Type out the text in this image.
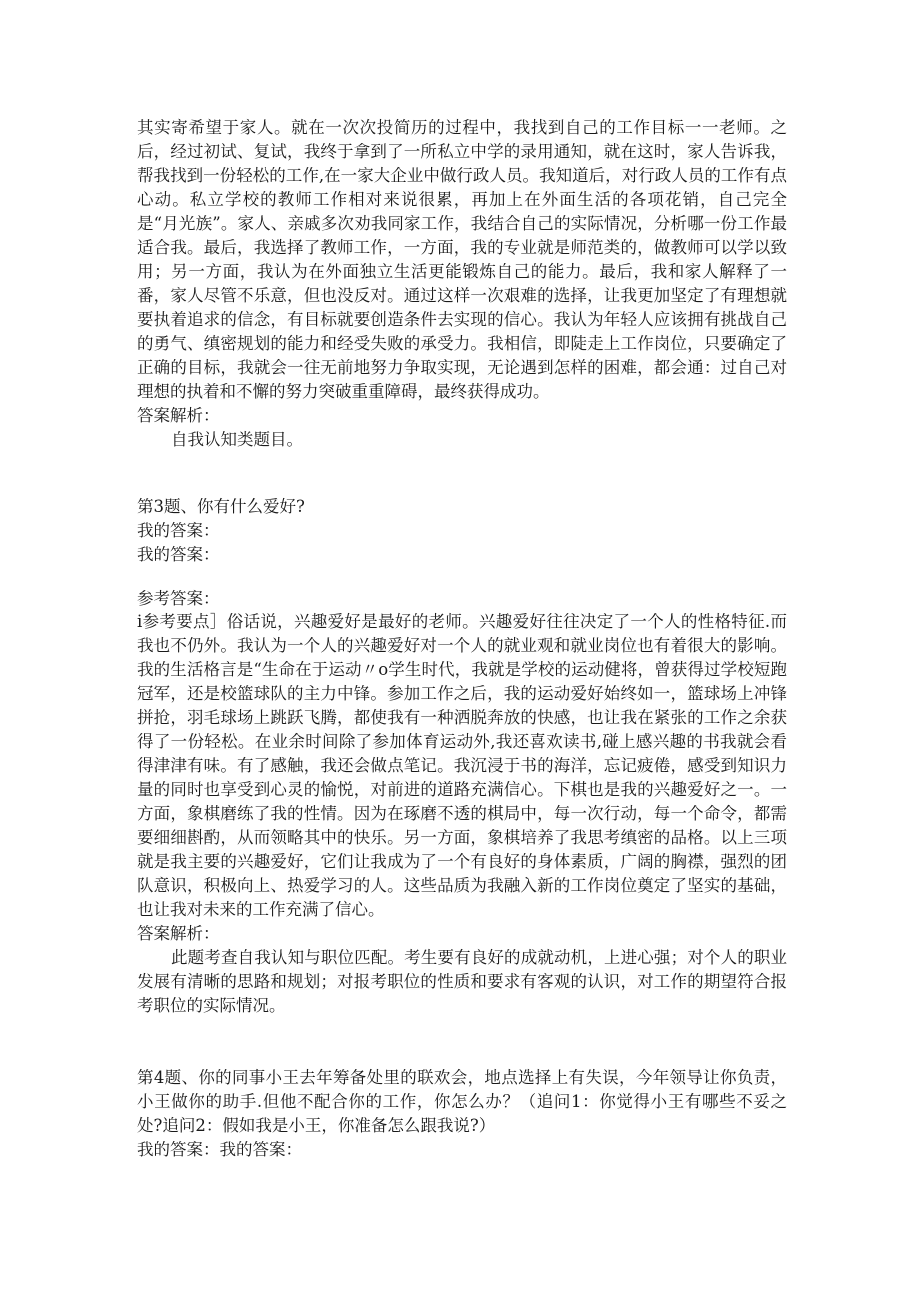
其实寄希望于家人。就在一次次投简历的过程中，我找到自己的工作目标一一老师。之后，经过初试、复试，我终于拿到了一所私立中学的录用通知，就在这时，家人告诉我，帮我找到一份轻松的工作,在一家大企业中做行政人员。我知道后，对行政人员的工作有点心动。私立学校的教师工作相对来说很累，再加上在外面生活的各项花销，自己完全是“月光族”。家人、亲戚多次劝我同家工作，我结合自己的实际情况，分析哪一份工作最适合我。最后，我选择了教师工作，一方面，我的专业就是师范类的，做教师可以学以致用；另一方面，我认为在外面独立生活更能锻炼自己的能力。最后，我和家人解释了一番，家人尽管不乐意，但也没反对。通过这样一次艰难的选择，让我更加坚定了有理想就要执着追求的信念，有目标就要创造条件去实现的信心。我认为年轻人应该拥有挑战自己的勇气、缜密规划的能力和经受失败的承受力。我相信，即陡走上工作岗位，只要确定了正确的目标，我就会一往无前地努力争取实现，无论遇到怎样的困难，都会通：过自己对理想的执着和不懈的努力突破重重障碍，最终获得成功。

答案解析：

自我认知类题目。

第3题、你有什么爱好?

我的答案：

我的答案：

参考答案：

i参考要点］俗话说，兴趣爱好是最好的老师。兴趣爱好往往决定了一个人的性格特征.而我也不仍外。我认为一个人的兴趣爱好对一个人的就业观和就业岗位也有着很大的影响。我的生活格言是“生命在于运动〃o学生时代，我就是学校的运动健将，曾获得过学校短跑冠军，还是校篮球队的主力中锋。参加工作之后，我的运动爱好始终如一，篮球场上冲锋拼抢，羽毛球场上跳跃飞腾，都使我有一种洒脱奔放的快感，也让我在紧张的工作之余获得了一份轻松。在业余时间除了参加体育运动外,我还喜欢读书,碰上感兴趣的书我就会看得津津有味。有了感触，我还会做点笔记。我沉浸于书的海洋，忘记疲倦，感受到知识力量的同时也享受到心灵的愉悦，对前进的道路充满信心。下棋也是我的兴趣爱好之一。一方面，象棋磨练了我的性情。因为在琢磨不透的棋局中，每一次行动，每一个命令，都需要细细斟酌，从而领略其中的快乐。另一方面，象棋培养了我思考缜密的品格。以上三项就是我主要的兴趣爱好，它们让我成为了一个有良好的身体素质，广阔的胸襟，强烈的团队意识，积极向上、热爱学习的人。这些品质为我融入新的工作岗位奠定了坚实的基础，也让我对未来的工作充满了信心。

答案解析：

此题考查自我认知与职位匹配。考生要有良好的成就动机，上进心强；对个人的职业发展有清晰的思路和规划；对报考职位的性质和要求有客观的认识，对工作的期望符合报考职位的实际情况。

第4题、你的同事小王去年筹备处里的联欢会，地点选择上有失误，今年领导让你负责，小王做你的助手.但他不配合你的工作，你怎么办？（追问1：你觉得小王有哪些不妥之处?追问2：假如我是小王，你准备怎么跟我说?）

我的答案：我的答案：
